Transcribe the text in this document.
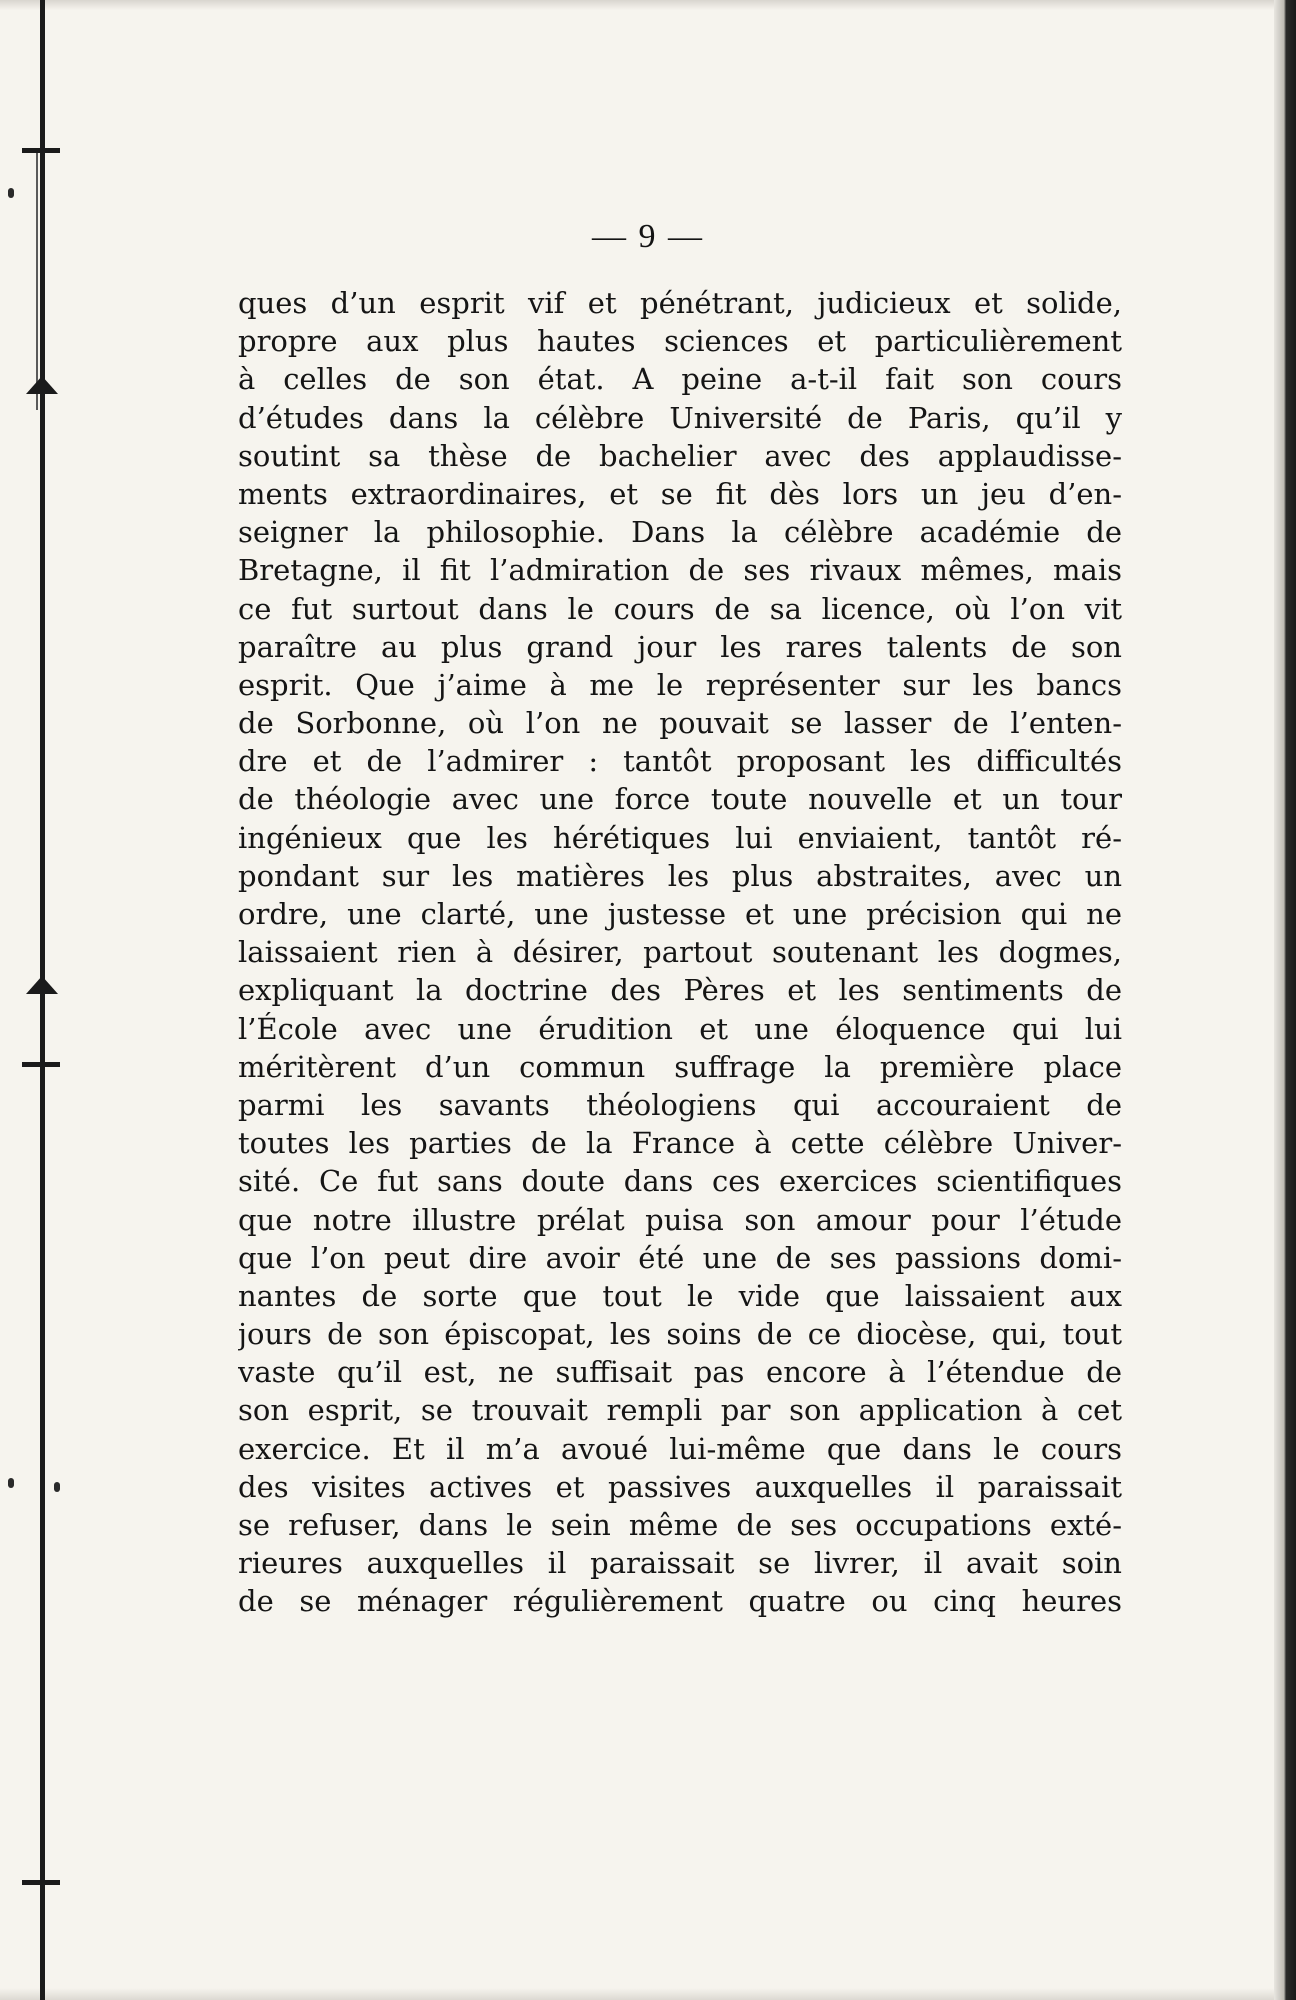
— 9 —
ques d’un esprit vif et pénétrant, judicieux et solide,
propre aux plus hautes sciences et particulièrement
à celles de son état. A peine a-t-il fait son cours
d’études dans la célèbre Université de Paris, qu’il y
soutint sa thèse de bachelier avec des applaudisse-
ments extraordinaires, et se fit dès lors un jeu d’en-
seigner la philosophie. Dans la célèbre académie de
Bretagne, il fit l’admiration de ses rivaux mêmes, mais
ce fut surtout dans le cours de sa licence, où l’on vit
paraître au plus grand jour les rares talents de son
esprit. Que j’aime à me le représenter sur les bancs
de Sorbonne, où l’on ne pouvait se lasser de l’enten-
dre et de l’admirer : tantôt proposant les difficultés
de théologie avec une force toute nouvelle et un tour
ingénieux que les hérétiques lui enviaient, tantôt ré-
pondant sur les matières les plus abstraites, avec un
ordre, une clarté, une justesse et une précision qui ne
laissaient rien à désirer, partout soutenant les dogmes,
expliquant la doctrine des Pères et les sentiments de
l’École avec une érudition et une éloquence qui lui
méritèrent d’un commun suffrage la première place
parmi les savants théologiens qui accouraient de
toutes les parties de la France à cette célèbre Univer-
sité. Ce fut sans doute dans ces exercices scientifiques
que notre illustre prélat puisa son amour pour l’étude
que l’on peut dire avoir été une de ses passions domi-
nantes de sorte que tout le vide que laissaient aux
jours de son épiscopat, les soins de ce diocèse, qui, tout
vaste qu’il est, ne suffisait pas encore à l’étendue de
son esprit, se trouvait rempli par son application à cet
exercice. Et il m’a avoué lui-même que dans le cours
des visites actives et passives auxquelles il paraissait
se refuser, dans le sein même de ses occupations exté-
rieures auxquelles il paraissait se livrer, il avait soin
de se ménager régulièrement quatre ou cinq heures
